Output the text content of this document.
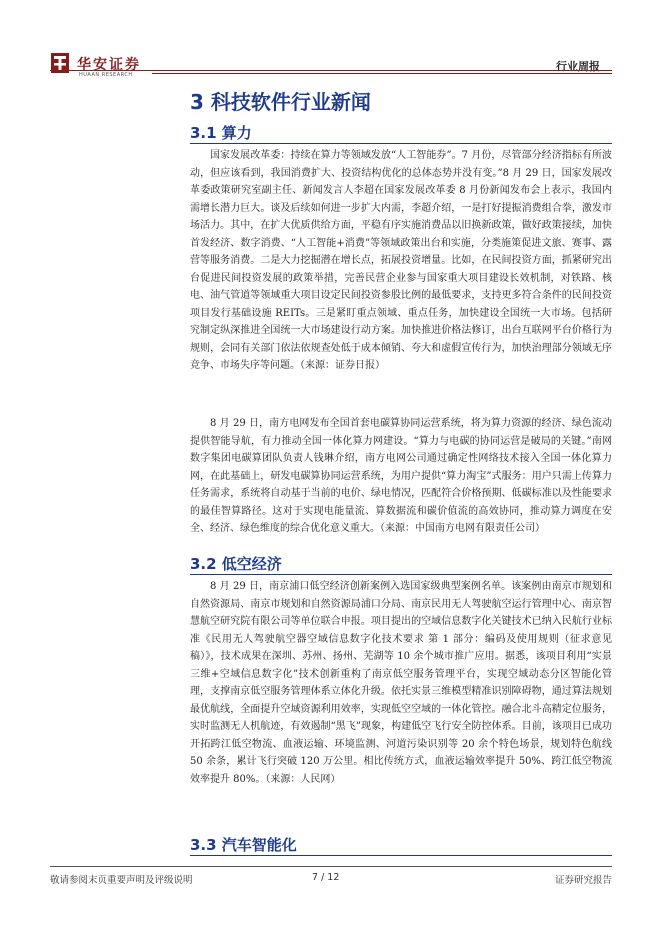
华安证券
HUAAN RESEARCH
行业周报
3 科技软件行业新闻
3.1 算力
国家发展改革委：持续在算力等领域发放“人工智能券”。7 月份，尽管部分经济指标有所波动，但应该看到，我国消费扩大、投资结构优化的总体态势并没有变。”8 月 29 日，国家发展改革委政策研究室副主任、新闻发言人李超在国家发展改革委 8 月份新闻发布会上表示，我国内需增长潜力巨大。谈及后续如何进一步扩大内需，李超介绍，一是打好提振消费组合拳，激发市场活力。其中，在扩大优质供给方面，平稳有序实施消费品以旧换新政策，做好政策接续，加快首发经济、数字消费、“人工智能+消费”等领域政策出台和实施，分类施策促进文旅、赛事、露营等服务消费。二是大力挖掘潜在增长点，拓展投资增量。比如，在民间投资方面，抓紧研究出台促进民间投资发展的政策举措，完善民营企业参与国家重大项目建设长效机制，对铁路、核电、油气管道等领域重大项目设定民间投资参股比例的最低要求，支持更多符合条件的民间投资项目发行基础设施 REITs。三是紧盯重点领域、重点任务，加快建设全国统一大市场。包括研究制定纵深推进全国统一大市场建设行动方案。加快推进价格法修订，出台互联网平台价格行为规则，会同有关部门依法依规查处低于成本倾销、夸大和虚假宣传行为，加快治理部分领域无序竞争、市场失序等问题。（来源：证券日报）
8 月 29 日，南方电网发布全国首套电碳算协同运营系统，将为算力资源的经济、绿色流动提供智能导航，有力推动全国一体化算力网建设。“算力与电碳的协同运营是破局的关键。”南网数字集团电碳算团队负责人钱琳介绍，南方电网公司通过确定性网络技术接入全国一体化算力网，在此基础上，研发电碳算协同运营系统，为用户提供“算力淘宝”式服务：用户只需上传算力任务需求，系统将自动基于当前的电价、绿电情况，匹配符合价格预期、低碳标准以及性能要求的最佳智算路径。这对于实现电能量流、算数据流和碳价值流的高效协同，推动算力调度在安全、经济、绿色维度的综合优化意义重大。（来源：中国南方电网有限责任公司）
3.2 低空经济
8 月 29 日，南京浦口低空经济创新案例入选国家级典型案例名单。该案例由南京市规划和自然资源局、南京市规划和自然资源局浦口分局、南京民用无人驾驶航空运行管理中心、南京智慧航空研究院有限公司等单位联合申报。项目提出的空域信息数字化关键技术已纳入民航行业标准《民用无人驾驶航空器空域信息数字化技术要求 第 1 部分：编码及使用规则（征求意见稿）》，技术成果在深圳、苏州、扬州、芜湖等 10 余个城市推广应用。据悉，该项目利用“实景三维+空域信息数字化”技术创新重构了南京低空服务管理平台，实现空域动态分区智能化管理，支撑南京低空服务管理体系立体化升级。依托实景三维模型精准识别障碍物，通过算法规划最优航线，全面提升空域资源利用效率，实现低空空域的一体化管控。融合北斗高精定位服务，实时监测无人机航迹，有效遏制“黑飞”现象，构建低空飞行安全防控体系。目前，该项目已成功开拓跨江低空物流、血液运输、环境监测、河道污染识别等 20 余个特色场景，规划特色航线 50 余条，累计飞行突破 120 万公里。相比传统方式，血液运输效率提升 50%、跨江低空物流效率提升 80%。（来源：人民网）
3.3 汽车智能化
敬请参阅末页重要声明及评级说明	7 / 12	证券研究报告
